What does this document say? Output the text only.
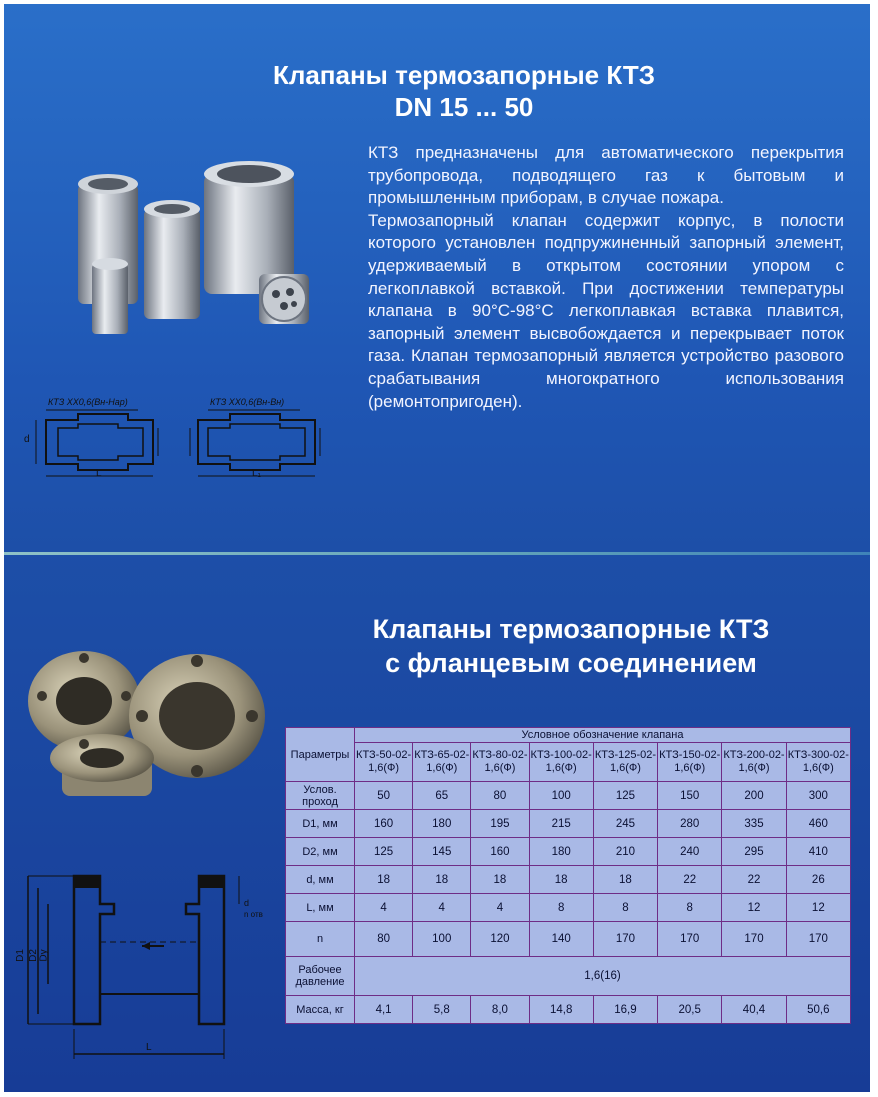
Клапаны термозапорные КТЗ
DN 15 ... 50
КТЗ ХХ0,6(Вн-Нар)
d
L
КТЗ ХХ0,6(Вн-Вн)
L₁

КТЗ предназначены для автоматического перекрытия трубопровода, подводящего газ к бытовым и промышленным приборам, в случае пожара.

Термозапорный клапан содержит корпус, в полости которого установлен подпружиненный запорный элемент, удерживаемый в открытом состоянии упором с легкоплавкой вставкой. При достижении температуры клапана в 90°С-98°С легкоплавкая вставка плавится, запорный элемент высвобождается и перекрывает поток газа. Клапан термозапорный является устройство разового срабатывания многократного использования (ремонтопригоден).

Клапаны термозапорные КТЗ
с фланцевым соединением
D1 D2 Dy
L
d
n отв
Параметры	Условное обозначение клапана							
	КТЗ-50-02-1,6(Ф)	КТЗ-65-02-1,6(Ф)	КТЗ-80-02-1,6(Ф)	КТЗ-100-02-1,6(Ф)	КТЗ-125-02-1,6(Ф)	КТЗ-150-02-1,6(Ф)	КТЗ-200-02-1,6(Ф)	КТЗ-300-02-1,6(Ф)
Услов. проход	50	65	80	100	125	150	200	300
D1, мм	160	180	195	215	245	280	335	460
D2, мм	125	145	160	180	210	240	295	410
d, мм	18	18	18	18	18	22	22	26
L, мм	4	4	4	8	8	8	12	12
n	80	100	120	140	170	170	170	170
Рабочее давление	1,6(16)							
Масса, кг	4,1	5,8	8,0	14,8	16,9	20,5	40,4	50,6
